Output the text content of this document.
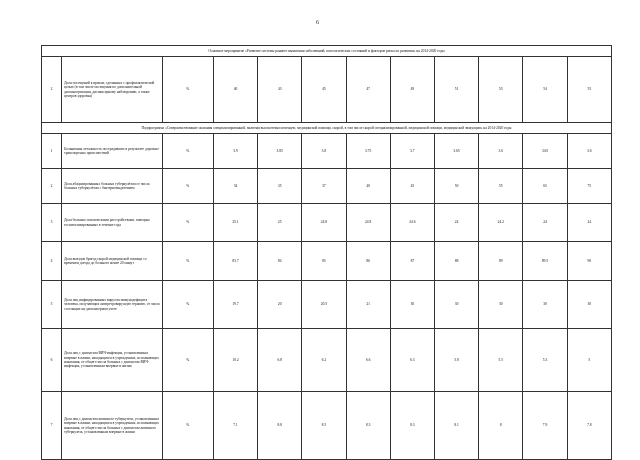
6
Основное мероприятие «Развитие системы раннего выявления заболеваний, патологических состояний и факторов риска их развития» на 2014-2020 годы											
2	Доля посещений к врачам, сделанных с профилактической целью (в том числе посещения по дополнительной диспансеризации, диспансерному наблюдению, а также центров здоровья)	%	40	43	45	47	49	51	53	54	55
Подпрограмма «Совершенствование оказания специализированной, включая высокотехнологичную, медицинской помощи, скорой, в том числе скорой специализированной, медицинской помощи, медицинской эвакуации» на 2014-2020 годы											
1	Больничная летальность пострадавших в результате дорожно-транспортных происшествий	%	3.9	3.85	3.8	3.75	3.7	3.65	3.6	3.65	3.6
2	Доля абацилированных больных туберкулёзом от числа больных туберкулёзом с бактериовыделением	%	34	35	37	40	45	50	55	65	75
3	Доля больных психическими расстройствами, повторно госпитализированных в течение года	%	25.1	25	24.8	24.8	24.6	24	24.2	24	24
4	Доля выездов бригад скорой медицинской помощи со временем доезда до больного менее 20 минут	%	83.7	84	85	86	87	88	89	89.5	90
5	Доля лиц инфицированных вирусом иммунодефицита человека, получающих антиретровирусную терапию, от числа состоящих на диспансерном учете	%	19.7	20	20.5	21	30	30	30	30	30
6	Доля лиц с диагнозом ВИЧ-инфекция, установленным впервые в жизни, находящихся в учреждениях, исполняющих наказания, от общего числа больных с диагнозом ВИЧ-инфекция, установленным впервые в жизни	%	10.2	6.8	6.2	6.6	6.3	5.8	5.5	5.3	5
7	Доля лиц с диагнозом активного туберкулеза, установленным впервые в жизни, находящихся в учреждениях, исполняющих наказания, от общего числа больных с диагнозом активного туберкулеза, установленным впервые в жизни	%	7.1	8.8	8.5	8.3	8.3	8.1	8	7.9	7.8
